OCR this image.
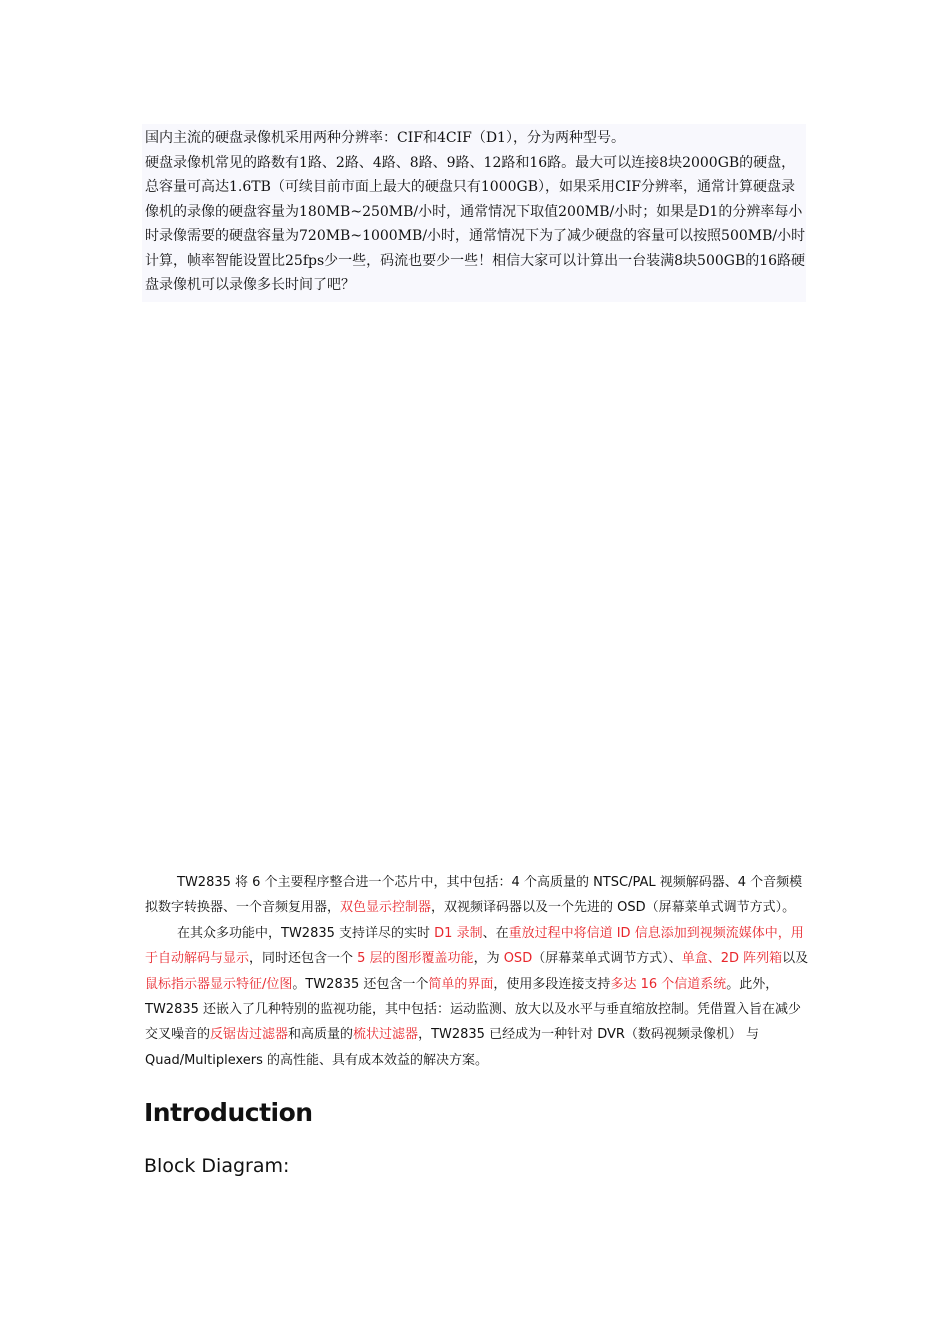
国内主流的硬盘录像机采用两种分辨率：CIF和4CIF（D1），分为两种型号。

硬盘录像机常见的路数有1路、2路、4路、8路、9路、12路和16路。最大可以连接8块2000GB的硬盘，总容量可高达1.6TB（可续目前市面上最大的硬盘只有1000GB），如果采用CIF分辨率，通常计算硬盘录像机的录像的硬盘容量为180MB~250MB/小时，通常情况下取值200MB/小时；如果是D1的分辨率每小时录像需要的硬盘容量为720MB~1000MB/小时，通常情况下为了减少硬盘的容量可以按照500MB/小时计算，帧率智能设置比25fps少一些，码流也要少一些！相信大家可以计算出一台装满8块500GB的16路硬盘录像机可以录像多长时间了吧？

TW2835 将 6 个主要程序整合进一个芯片中，其中包括：4 个高质量的 NTSC/PAL 视频解码器、4 个音频模拟数字转换器、一个音频复用器，双色显示控制器，双视频译码器以及一个先进的 OSD（屏幕菜单式调节方式）。

在其众多功能中，TW2835 支持详尽的实时 D1 录制、在重放过程中将信道 ID 信息添加到视频流媒体中，用于自动解码与显示，同时还包含一个 5 层的图形覆盖功能，为 OSD（屏幕菜单式调节方式）、单盒、2D 阵列箱以及鼠标指示器显示特征/位图。TW2835 还包含一个简单的界面，使用多段连接支持多达 16 个信道系统。此外，TW2835 还嵌入了几种特别的监视功能，其中包括：运动监测、放大以及水平与垂直缩放控制。凭借置入旨在减少交叉噪音的反锯齿过滤器和高质量的梳状过滤器，TW2835 已经成为一种针对 DVR（数码视频录像机） 与 Quad/Multiplexers 的高性能、具有成本效益的解决方案。

Introduction
Block Diagram:
